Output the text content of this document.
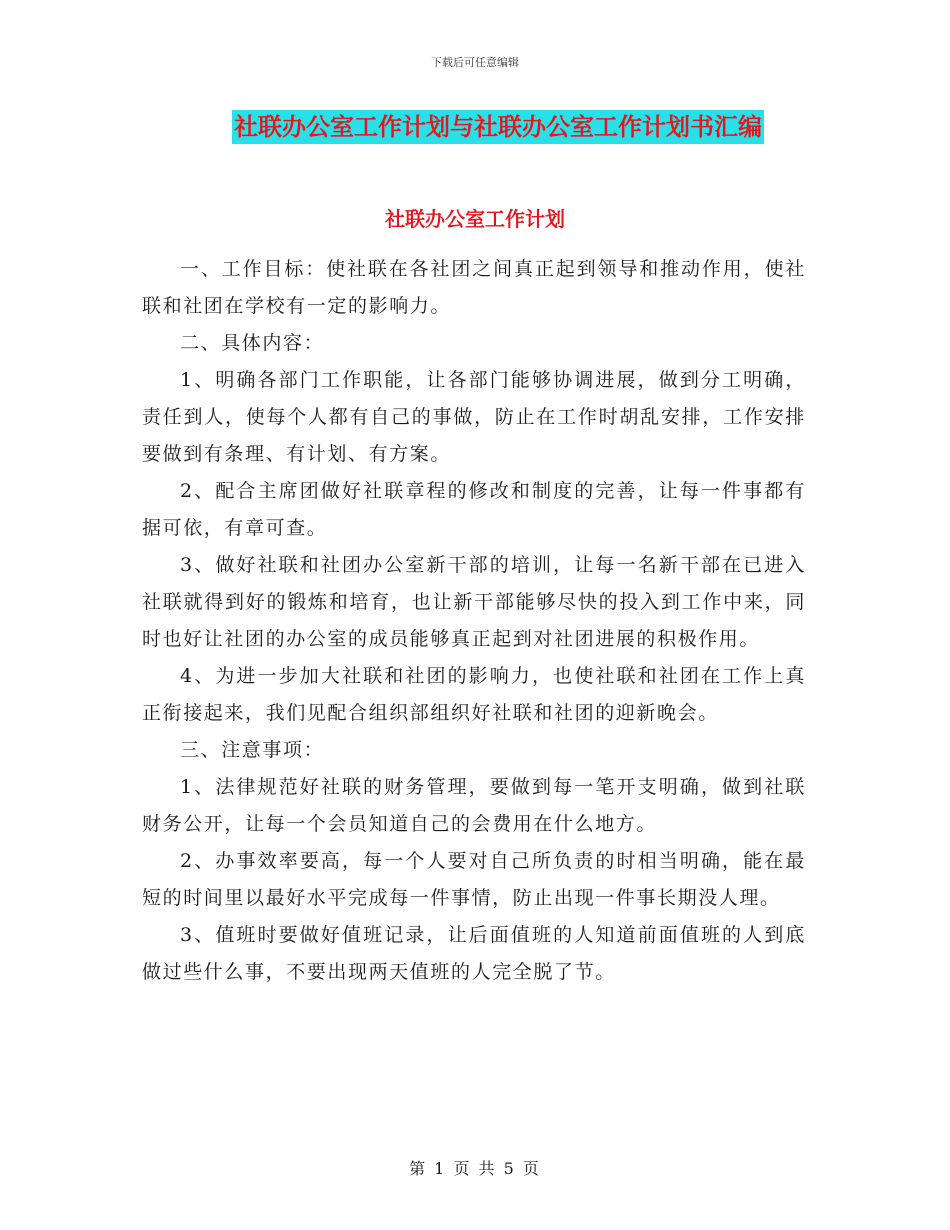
下载后可任意编辑
社联办公室工作计划与社联办公室工作计划书汇编
社联办公室工作计划

一、工作目标：使社联在各社团之间真正起到领导和推动作用，使社联和社团在学校有一定的影响力。

二、具体内容：

1、明确各部门工作职能，让各部门能够协调进展，做到分工明确，责任到人，使每个人都有自己的事做，防止在工作时胡乱安排，工作安排要做到有条理、有计划、有方案。

2、配合主席团做好社联章程的修改和制度的完善，让每一件事都有据可依，有章可查。

3、做好社联和社团办公室新干部的培训，让每一名新干部在已进入社联就得到好的锻炼和培育，也让新干部能够尽快的投入到工作中来，同时也好让社团的办公室的成员能够真正起到对社团进展的积极作用。

4、为进一步加大社联和社团的影响力，也使社联和社团在工作上真正衔接起来，我们见配合组织部组织好社联和社团的迎新晚会。

三、注意事项：

1、法律规范好社联的财务管理，要做到每一笔开支明确，做到社联财务公开，让每一个会员知道自己的会费用在什么地方。

2、办事效率要高，每一个人要对自己所负责的时相当明确，能在最短的时间里以最好水平完成每一件事情，防止出现一件事长期没人理。

3、值班时要做好值班记录，让后面值班的人知道前面值班的人到底做过些什么事，不要出现两天值班的人完全脱了节。

第 1 页 共 5 页
